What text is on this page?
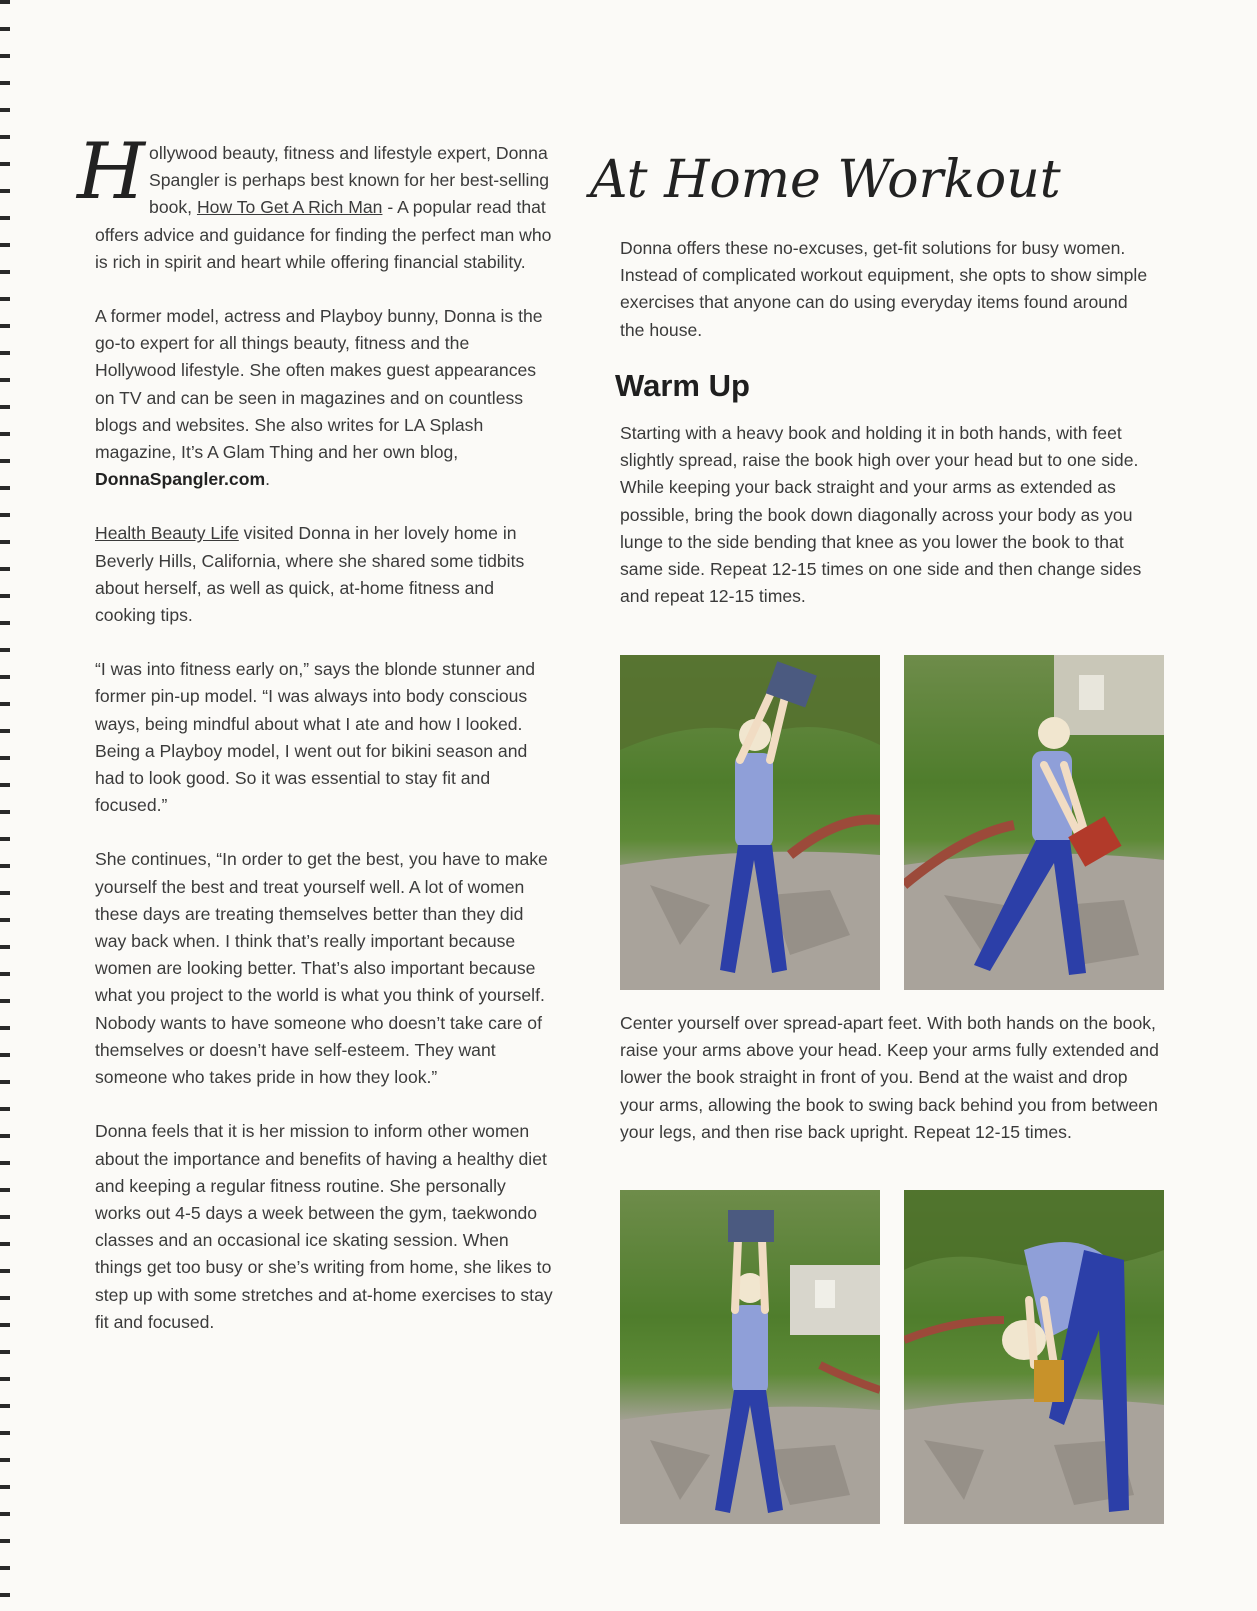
Hollywood beauty, fitness and lifestyle expert, Donna Spangler is perhaps best known for her best-selling book, How To Get A Rich Man - A popular read that offers advice and guidance for finding the perfect man who is rich in spirit and heart while offering financial stability.

A former model, actress and Playboy bunny, Donna is the go-to expert for all things beauty, fitness and the Hollywood lifestyle. She often makes guest appearances on TV and can be seen in magazines and on countless blogs and websites. She also writes for LA Splash magazine, It’s A Glam Thing and her own blog, DonnaSpangler.com.

Health Beauty Life visited Donna in her lovely home in Beverly Hills, California, where she shared some tidbits about herself, as well as quick, at-home fitness and cooking tips.

“I was into fitness early on,” says the blonde stunner and former pin-up model. “I was always into body conscious ways, being mindful about what I ate and how I looked. Being a Playboy model, I went out for bikini season and had to look good. So it was essential to stay fit and focused.”

She continues, “In order to get the best, you have to make yourself the best and treat yourself well. A lot of women these days are treating themselves better than they did way back when. I think that’s really important because women are looking better. That’s also important because what you project to the world is what you think of yourself. Nobody wants to have someone who doesn’t take care of themselves or doesn’t have self-esteem. They want someone who takes pride in how they look.”

Donna feels that it is her mission to inform other women about the importance and benefits of having a healthy diet and keeping a regular fitness routine. She personally works out 4-5 days a week between the gym, taekwondo classes and an occasional ice skating session. When things get too busy or she’s writing from home, she likes to step up with some stretches and at-home exercises to stay fit and focused.

At Home Workout

Donna offers these no-excuses, get-fit solutions for busy women. Instead of complicated workout equipment, she opts to show simple exercises that anyone can do using everyday items found around the house.

Warm Up

Starting with a heavy book and holding it in both hands, with feet slightly spread, raise the book high over your head but to one side. While keeping your back straight and your arms as extended as possible, bring the book down diagonally across your body as you lunge to the side bending that knee as you lower the book to that same side. Repeat 12-15 times on one side and then change sides and repeat 12-15 times.

Center yourself over spread-apart feet. With both hands on the book, raise your arms above your head. Keep your arms fully extended and lower the book straight in front of you. Bend at the waist and drop your arms, allowing the book to swing back behind you from between your legs, and then rise back upright. Repeat 12-15 times.
